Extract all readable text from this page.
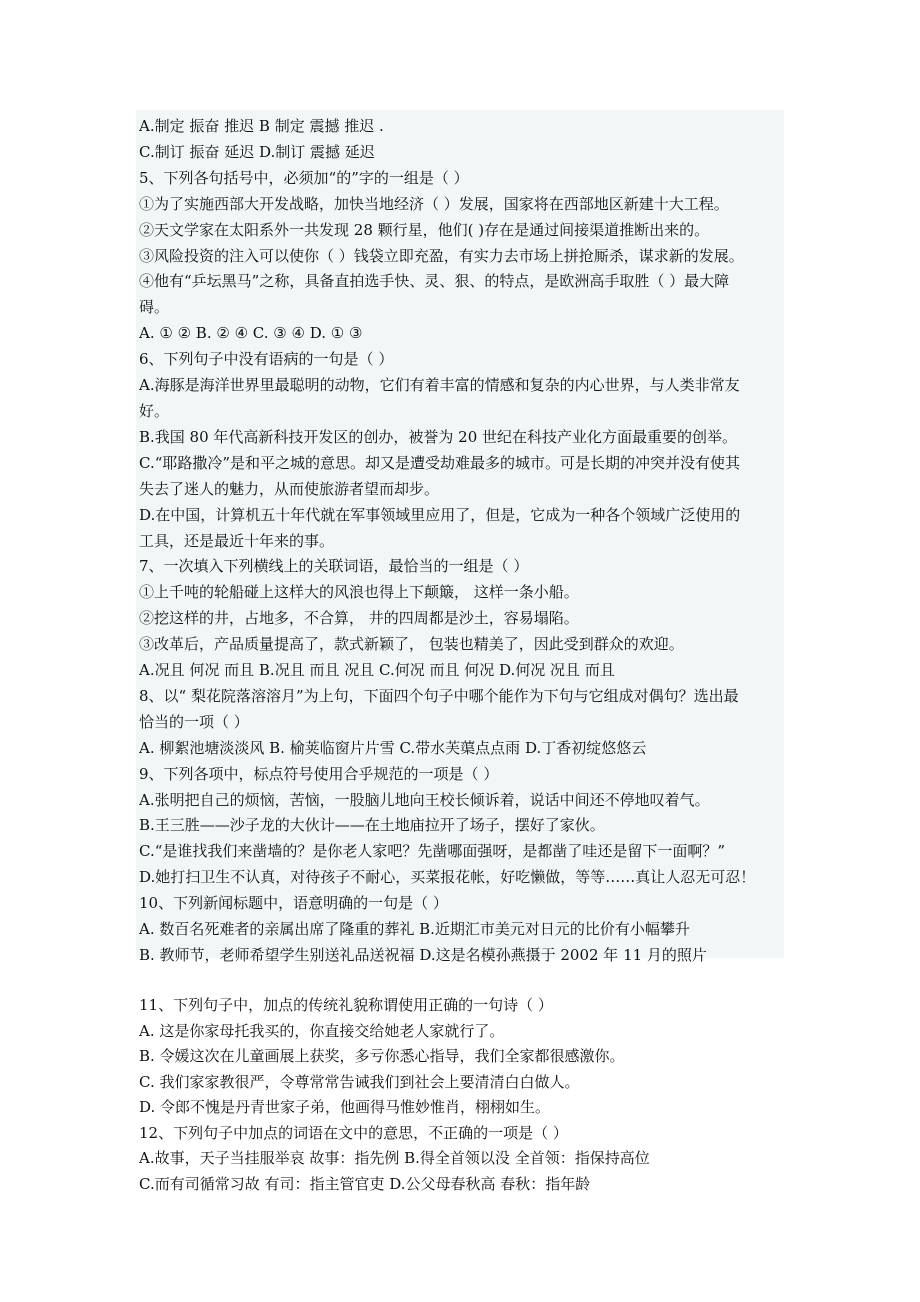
A.制定 振奋 推迟 B 制定 震撼 推迟 .
C.制订 振奋 延迟 D.制订 震撼 延迟
5、下列各句括号中，必须加“的”字的一组是（ ）
①为了实施西部大开发战略，加快当地经济（ ）发展，国家将在西部地区新建十大工程。
②天文学家在太阳系外一共发现 28 颗行星，他们( )存在是通过间接渠道推断出来的。
③风险投资的注入可以使你（ ）钱袋立即充盈，有实力去市场上拼抢厮杀，谋求新的发展。
④他有“乒坛黑马”之称，具备直拍选手快、灵、狠、的特点，是欧洲高手取胜（ ）最大障
碍。
A. ① ② B. ② ④ C. ③ ④ D. ① ③
6、下列句子中没有语病的一句是（ ）
A.海豚是海洋世界里最聪明的动物，它们有着丰富的情感和复杂的内心世界，与人类非常友
好。
B.我国 80 年代高新科技开发区的创办，被誉为 20 世纪在科技产业化方面最重要的创举。
C.“耶路撒冷”是和平之城的意思。却又是遭受劫难最多的城市。可是长期的冲突并没有使其
失去了迷人的魅力，从而使旅游者望而却步。
D.在中国，计算机五十年代就在军事领域里应用了，但是，它成为一种各个领域广泛使用的
工具，还是最近十年来的事。
7、一次填入下列横线上的关联词语，最恰当的一组是（ ）
①上千吨的轮船碰上这样大的风浪也得上下颠簸， 这样一条小船。
②挖这样的井，占地多，不合算， 井的四周都是沙土，容易塌陷。
③改革后，产品质量提高了，款式新颖了， 包装也精美了，因此受到群众的欢迎。
A.况且 何况 而且 B.况且 而且 况且 C.何况 而且 何况 D.何况 况且 而且
8、以“ 梨花院落溶溶月”为上句，下面四个句子中哪个能作为下句与它组成对偶句？选出最
恰当的一项（ ）
A. 柳絮池塘淡淡风 B. 榆荚临窗片片雪 C.带水芙蕖点点雨 D.丁香初绽悠悠云
9、下列各项中，标点符号使用合乎规范的一项是（ ）
A.张明把自己的烦恼，苦恼，一股脑儿地向王校长倾诉着，说话中间还不停地叹着气。
B.王三胜——沙子龙的大伙计——在土地庙拉开了场子，摆好了家伙。
C.“是谁找我们来凿墙的？是你老人家吧？先凿哪面强呀，是都凿了哇还是留下一面啊？”
D.她打扫卫生不认真，对待孩子不耐心，买菜报花帐，好吃懒做，等等……真让人忍无可忍！
10、下列新闻标题中，语意明确的一句是（ ）
A. 数百名死难者的亲属出席了隆重的葬礼 B.近期汇市美元对日元的比价有小幅攀升
B. 教师节，老师希望学生别送礼品送祝福 D.这是名模孙燕摄于 2002 年 11 月的照片
11、下列句子中，加点的传统礼貌称谓使用正确的一句诗（ ）
A. 这是你家母托我买的，你直接交给她老人家就行了。
B. 令媛这次在儿童画展上获奖，多亏你悉心指导，我们全家都很感激你。
C. 我们家家教很严，令尊常常告诫我们到社会上要清清白白做人。
D. 令郎不愧是丹青世家子弟，他画得马惟妙惟肖，栩栩如生。
12、下列句子中加点的词语在文中的意思，不正确的一项是（ ）
A.故事，天子当挂服举哀 故事：指先例 B.得全首领以没 全首领：指保持高位
C.而有司循常习故 有司：指主管官吏 D.公父母春秋高 春秋：指年龄
